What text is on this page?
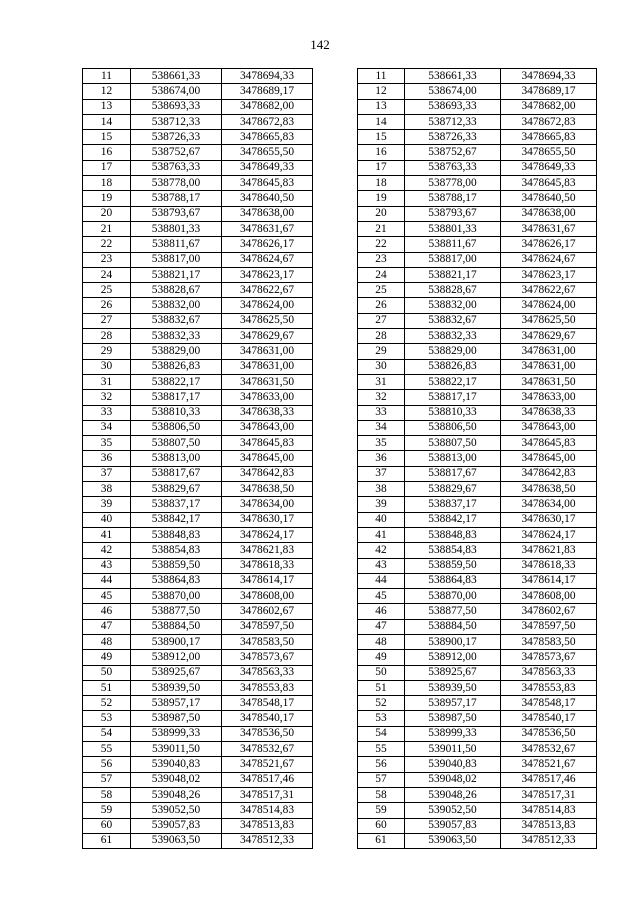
142
11	538661,33	3478694,33
12	538674,00	3478689,17
13	538693,33	3478682,00
14	538712,33	3478672,83
15	538726,33	3478665,83
16	538752,67	3478655,50
17	538763,33	3478649,33
18	538778,00	3478645,83
19	538788,17	3478640,50
20	538793,67	3478638,00
21	538801,33	3478631,67
22	538811,67	3478626,17
23	538817,00	3478624,67
24	538821,17	3478623,17
25	538828,67	3478622,67
26	538832,00	3478624,00
27	538832,67	3478625,50
28	538832,33	3478629,67
29	538829,00	3478631,00
30	538826,83	3478631,00
31	538822,17	3478631,50
32	538817,17	3478633,00
33	538810,33	3478638,33
34	538806,50	3478643,00
35	538807,50	3478645,83
36	538813,00	3478645,00
37	538817,67	3478642,83
38	538829,67	3478638,50
39	538837,17	3478634,00
40	538842,17	3478630,17
41	538848,83	3478624,17
42	538854,83	3478621,83
43	538859,50	3478618,33
44	538864,83	3478614,17
45	538870,00	3478608,00
46	538877,50	3478602,67
47	538884,50	3478597,50
48	538900,17	3478583,50
49	538912,00	3478573,67
50	538925,67	3478563,33
51	538939,50	3478553,83
52	538957,17	3478548,17
53	538987,50	3478540,17
54	538999,33	3478536,50
55	539011,50	3478532,67
56	539040,83	3478521,67
57	539048,02	3478517,46
58	539048,26	3478517,31
59	539052,50	3478514,83
60	539057,83	3478513,83
61	539063,50	3478512,33
11	538661,33	3478694,33
12	538674,00	3478689,17
13	538693,33	3478682,00
14	538712,33	3478672,83
15	538726,33	3478665,83
16	538752,67	3478655,50
17	538763,33	3478649,33
18	538778,00	3478645,83
19	538788,17	3478640,50
20	538793,67	3478638,00
21	538801,33	3478631,67
22	538811,67	3478626,17
23	538817,00	3478624,67
24	538821,17	3478623,17
25	538828,67	3478622,67
26	538832,00	3478624,00
27	538832,67	3478625,50
28	538832,33	3478629,67
29	538829,00	3478631,00
30	538826,83	3478631,00
31	538822,17	3478631,50
32	538817,17	3478633,00
33	538810,33	3478638,33
34	538806,50	3478643,00
35	538807,50	3478645,83
36	538813,00	3478645,00
37	538817,67	3478642,83
38	538829,67	3478638,50
39	538837,17	3478634,00
40	538842,17	3478630,17
41	538848,83	3478624,17
42	538854,83	3478621,83
43	538859,50	3478618,33
44	538864,83	3478614,17
45	538870,00	3478608,00
46	538877,50	3478602,67
47	538884,50	3478597,50
48	538900,17	3478583,50
49	538912,00	3478573,67
50	538925,67	3478563,33
51	538939,50	3478553,83
52	538957,17	3478548,17
53	538987,50	3478540,17
54	538999,33	3478536,50
55	539011,50	3478532,67
56	539040,83	3478521,67
57	539048,02	3478517,46
58	539048,26	3478517,31
59	539052,50	3478514,83
60	539057,83	3478513,83
61	539063,50	3478512,33
